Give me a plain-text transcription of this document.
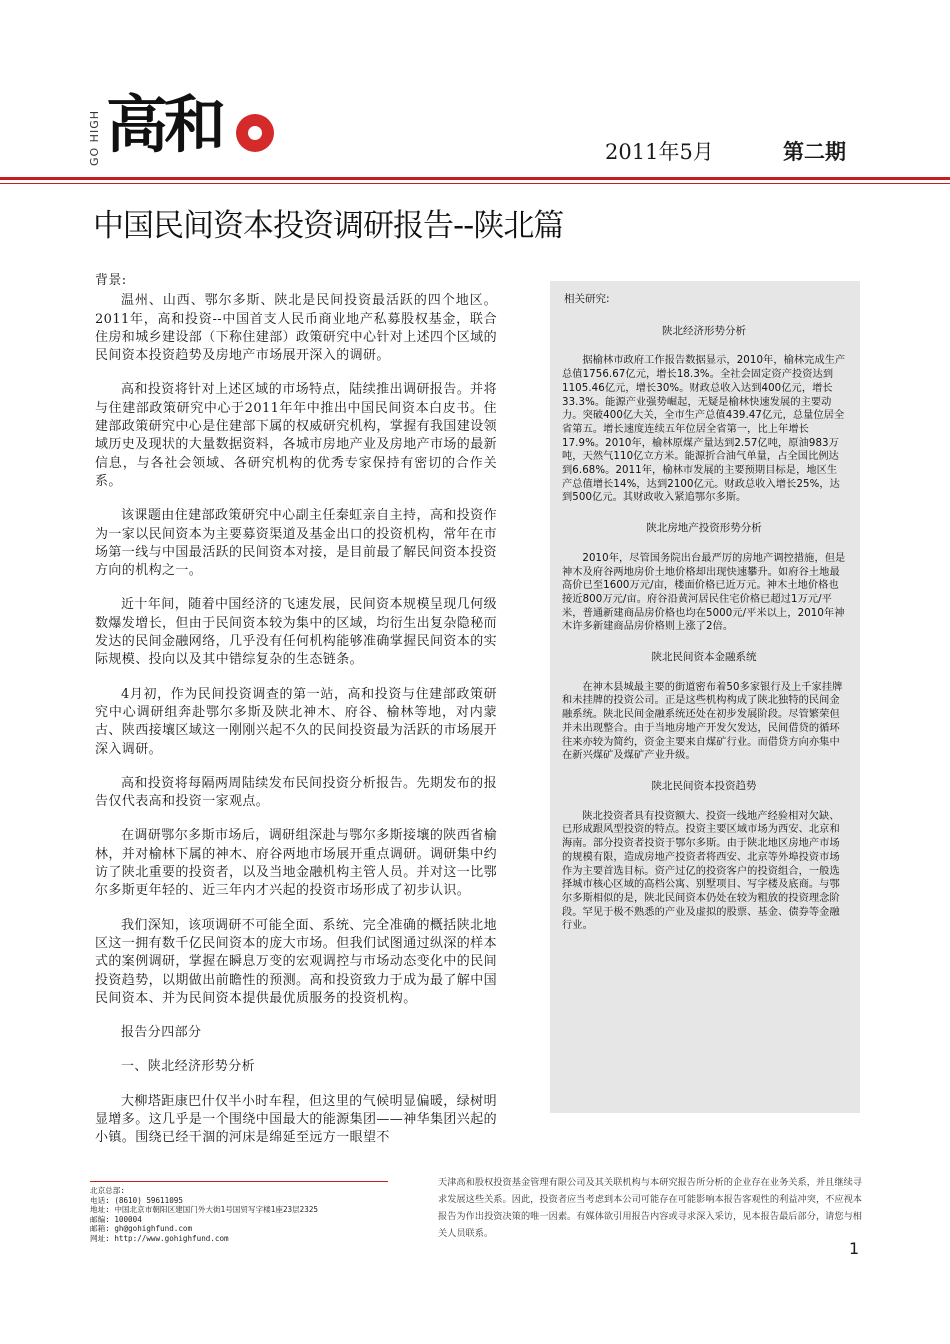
GO HIGH 高和	2011年5月	第二期
中国民间资本投资调研报告--陕北篇

背景:

温州、山西、鄂尔多斯、陕北是民间投资最活跃的四个地区。2011年，高和投资--中国首支人民币商业地产私募股权基金，联合住房和城乡建设部（下称住建部）政策研究中心针对上述四个区域的民间资本投资趋势及房地产市场展开深入的调研。

高和投资将针对上述区域的市场特点，陆续推出调研报告。并将与住建部政策研究中心于2011年年中推出中国民间资本白皮书。住建部政策研究中心是住建部下属的权威研究机构，掌握有我国建设领域历史及现状的大量数据资料，各城市房地产业及房地产市场的最新信息，与各社会领域、各研究机构的优秀专家保持有密切的合作关系。

该课题由住建部政策研究中心副主任秦虹亲自主持，高和投资作为一家以民间资本为主要募资渠道及基金出口的投资机构，常年在市场第一线与中国最活跃的民间资本对接，是目前最了解民间资本投资方向的机构之一。

近十年间，随着中国经济的飞速发展，民间资本规模呈现几何级数爆发增长，但由于民间资本较为集中的区域，均衍生出复杂隐秘而发达的民间金融网络，几乎没有任何机构能够准确掌握民间资本的实际规模、投向以及其中错综复杂的生态链条。

4月初，作为民间投资调查的第一站，高和投资与住建部政策研究中心调研组奔赴鄂尔多斯及陕北神木、府谷、榆林等地，对内蒙古、陕西接壤区域这一刚刚兴起不久的民间投资最为活跃的市场展开深入调研。

高和投资将每隔两周陆续发布民间投资分析报告。先期发布的报告仅代表高和投资一家观点。

在调研鄂尔多斯市场后，调研组深赴与鄂尔多斯接壤的陕西省榆林，并对榆林下属的神木、府谷两地市场展开重点调研。调研集中约访了陕北重要的投资者，以及当地金融机构主管人员。并对这一比鄂尔多斯更年轻的、近三年内才兴起的投资市场形成了初步认识。

我们深知，该项调研不可能全面、系统、完全准确的概括陕北地区这一拥有数千亿民间资本的庞大市场。但我们试图通过纵深的样本式的案例调研，掌握在瞬息万变的宏观调控与市场动态变化中的民间投资趋势，以期做出前瞻性的预测。高和投资致力于成为最了解中国民间资本、并为民间资本提供最优质服务的投资机构。

报告分四部分

一、陕北经济形势分析

大柳塔距康巴什仅半小时车程，但这里的气候明显偏暖，绿树明显增多。这几乎是一个围绕中国最大的能源集团——神华集团兴起的小镇。围绕已经干涸的河床是绵延至远方一眼望不

相关研究:
陕北经济形势分析
据榆林市政府工作报告数据显示，2010年，榆林完成生产总值1756.67亿元，增长18.3%。全社会固定资产投资达到1105.46亿元，增长30%。财政总收入达到400亿元，增长33.3%。能源产业强势崛起，无疑是榆林快速发展的主要动力。突破400亿大关，全市生产总值439.47亿元，总量位居全省第五。增长速度连续五年位居全省第一，比上年增长17.9%。2010年，榆林原煤产量达到2.57亿吨，原油983万吨，天然气110亿立方米。能源折合油气单量，占全国比例达到6.68%。2011年，榆林市发展的主要预期目标是，地区生产总值增长14%，达到2100亿元。财政总收入增长25%，达到500亿元。其财政收入紧追鄂尔多斯。
陕北房地产投资形势分析
2010年，尽管国务院出台最严厉的房地产调控措施，但是神木及府谷两地房价土地价格却出现快速攀升。如府谷土地最高价已至1600万元/亩，楼面价格已近万元。神木土地价格也接近800万元/亩。府谷沿黄河居民住宅价格已超过1万元/平米，普通新建商品房价格也均在5000元/平米以上，2010年神木许多新建商品房价格则上涨了2倍。
陕北民间资本金融系统
在神木县城最主要的街道密布着50多家银行及上千家挂牌和未挂牌的投资公司。正是这些机构构成了陕北独特的民间金融系统。陕北民间金融系统还处在初步发展阶段。尽管繁荣但并未出现整合。由于当地房地产开发欠发达，民间借贷的循环往来亦较为简约，资金主要来自煤矿行业。而借贷方向亦集中在新兴煤矿及煤矿产业升级。
陕北民间资本投资趋势
陕北投资者具有投资额大、投资一线地产经验相对欠缺、已形成跟风型投资的特点。投资主要区域市场为西安、北京和海南。部分投资者投资于鄂尔多斯。由于陕北地区房地产市场的规模有限，造成房地产投资者将西安、北京等外埠投资市场作为主要首选目标。资产过亿的投资客户的投资组合，一般选择城市核心区域的高档公寓、别墅项目、写字楼及底商。与鄂尔多斯相似的是，陕北民间资本仍处在较为粗放的投资理念阶段。罕见于极不熟悉的产业及虚拟的股票、基金、债券等金融行业。
北京总部:
电话: (8610) 59611095
地址: 中国北京市朝阳区建国门外大街1号国贸写字楼1座23层2325
邮编: 100004
邮箱: gh@gohighfund.com
网址: http://www.gohighfund.com
天津高和股权投资基金管理有限公司及其关联机构与本研究报告所分析的企业存在业务关系，并且继续寻求发展这些关系。因此，投资者应当考虑到本公司可能存在可能影响本报告客观性的利益冲突，不应视本报告为作出投资决策的唯一因素。有媒体欲引用报告内容或寻求深入采访，见本报告最后部分，请您与相关人员联系。
1
